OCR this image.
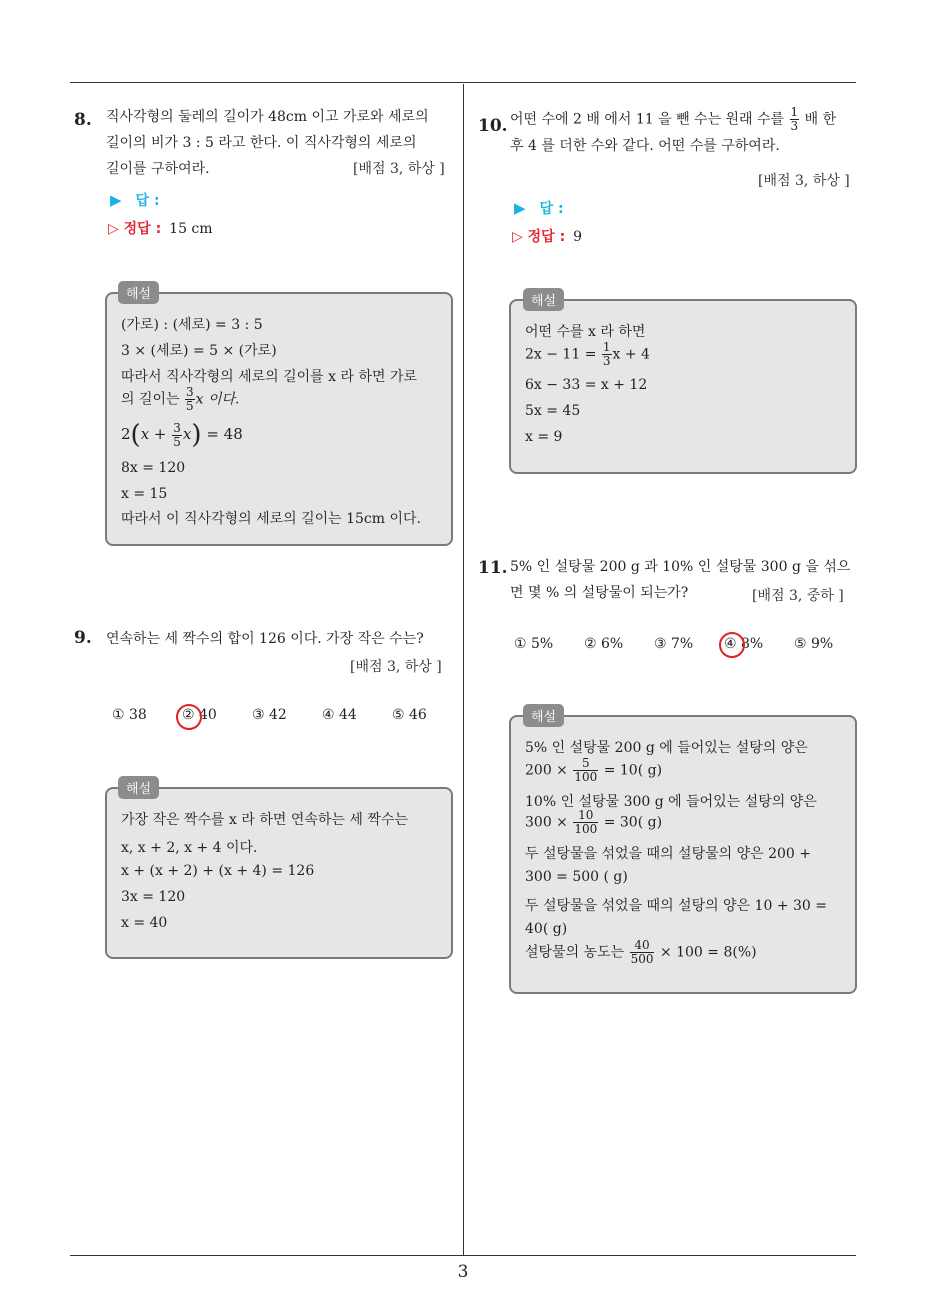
8. 직사각형의 둘레의 길이가 48cm 이고 가로와 세로의
길이의 비가 3 : 5 라고 한다. 이 직사각형의 세로의
길이를 구하여라.	[배점 3, 하상 ]
▶ 답 :
▷ 정답 : 15 cm
(가로) : (세로) = 3 : 5
3 × (세로) = 5 × (가로)
따라서 직사각형의 세로의 길이를 x 라 하면 가로
의 길이는 $\frac{3}{5}$ x 이다.
$2(x + \frac{3}{5} x) = 48$
8x = 120
x = 15
따라서 이 직사각형의 세로의 길이는 15cm 이다.
해설
9. 연속하는 세 짝수의 합이 126 이다. 가장 작은 수는?
[배점 3, 하상 ]
① 38	② 40	③ 42	④ 44	⑤ 46
가장 작은 짝수를 x 라 하면 연속하는 세 짝수는
x, x + 2, x + 4 이다.
x + (x + 2) + (x + 4) = 126
3x = 120
x = 40
해설
10. 어떤 수에 2 배 에서 11 을 뺀 수는 원래 수를 $\frac{1}{3}$ 배 한
후 4 를 더한 수와 같다. 어떤 수를 구하여라.
[배점 3, 하상 ]
▶ 답 :
▷ 정답 : 9
어떤 수를 x 라 하면
$2x - 11 = \frac{1}{3}$ x + 4
6x − 33 = x + 12
5x = 45
x = 9
해설
11. 5% 인 설탕물 200 g 과 10% 인 설탕물 300 g 을 섞으
면 몇 % 의 설탕물이 되는가?	[배점 3, 중하 ]
① 5% ② 6% ③ 7% ④ 8% ⑤ 9%
5% 인 설탕물 200 g 에 들어있는 설탕의 양은
$200 \times \frac{5}{100} = 10$( g)
10% 인 설탕물 300 g 에 들어있는 설탕의 양은
$300 \times \frac{10}{100} = 30$( g)
두 설탕물을 섞었을 때의 설탕물의 양은 200 +
300 = 500 ( g)
두 설탕물을 섞었을 때의 설탕의 양은 10 + 30 =
40( g)
설탕물의 농도는 $\frac{40}{500} \times 100 = 8(\%)$
해설
3
